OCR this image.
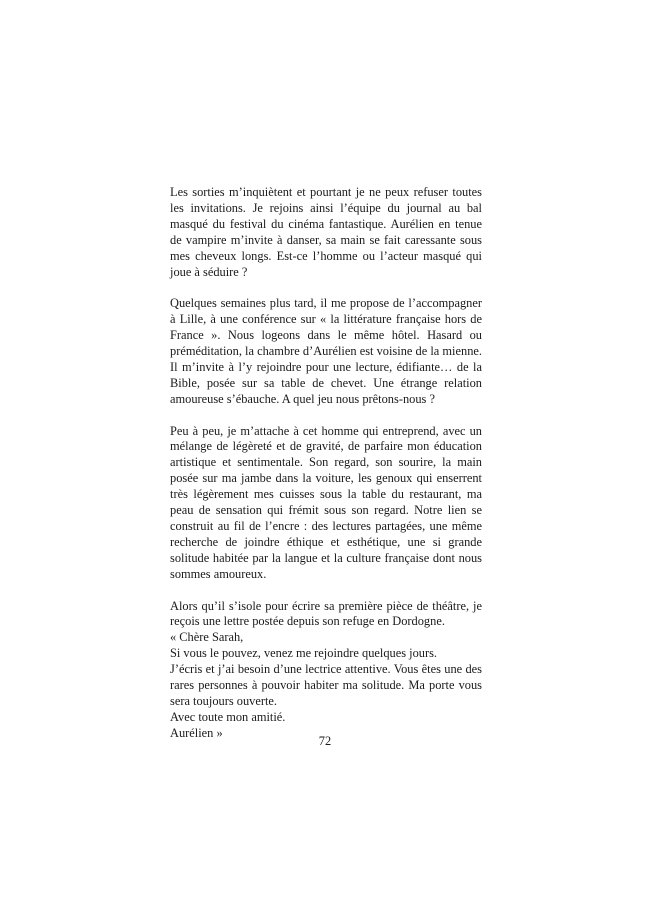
Les sorties m’inquiètent et pourtant je ne peux refuser toutes les invitations. Je rejoins ainsi l’équipe du journal au bal masqué du festival du cinéma fantastique. Aurélien en tenue de vampire m’invite à danser, sa main se fait caressante sous mes cheveux longs. Est-ce l’homme ou l’acteur masqué qui joue à séduire ?

Quelques semaines plus tard, il me propose de l’accompagner à Lille, à une conférence sur « la littérature française hors de France ». Nous logeons dans le même hôtel. Hasard ou préméditation, la chambre d’Aurélien est voisine de la mienne. Il m’invite à l’y rejoindre pour une lecture, édifiante… de la Bible, posée sur sa table de chevet. Une étrange relation amoureuse s’ébauche. A quel jeu nous prêtons-nous ?

Peu à peu, je m’attache à cet homme qui entreprend, avec un mélange de légèreté et de gravité, de parfaire mon éducation artistique et sentimentale. Son regard, son sourire, la main posée sur ma jambe dans la voiture, les genoux qui enserrent très légèrement mes cuisses sous la table du restaurant, ma peau de sensation qui frémit sous son regard. Notre lien se construit au fil de l’encre : des lectures partagées, une même recherche de joindre éthique et esthétique, une si grande solitude habitée par la langue et la culture française dont nous sommes amoureux.

Alors qu’il s’isole pour écrire sa première pièce de théâtre, je reçois une lettre postée depuis son refuge en Dordogne.
« Chère Sarah,
Si vous le pouvez, venez me rejoindre quelques jours.
J’écris et j’ai besoin d’une lectrice attentive. Vous êtes une des rares personnes à pouvoir habiter ma solitude. Ma porte vous sera toujours ouverte.
Avec toute mon amitié.
Aurélien »
72
